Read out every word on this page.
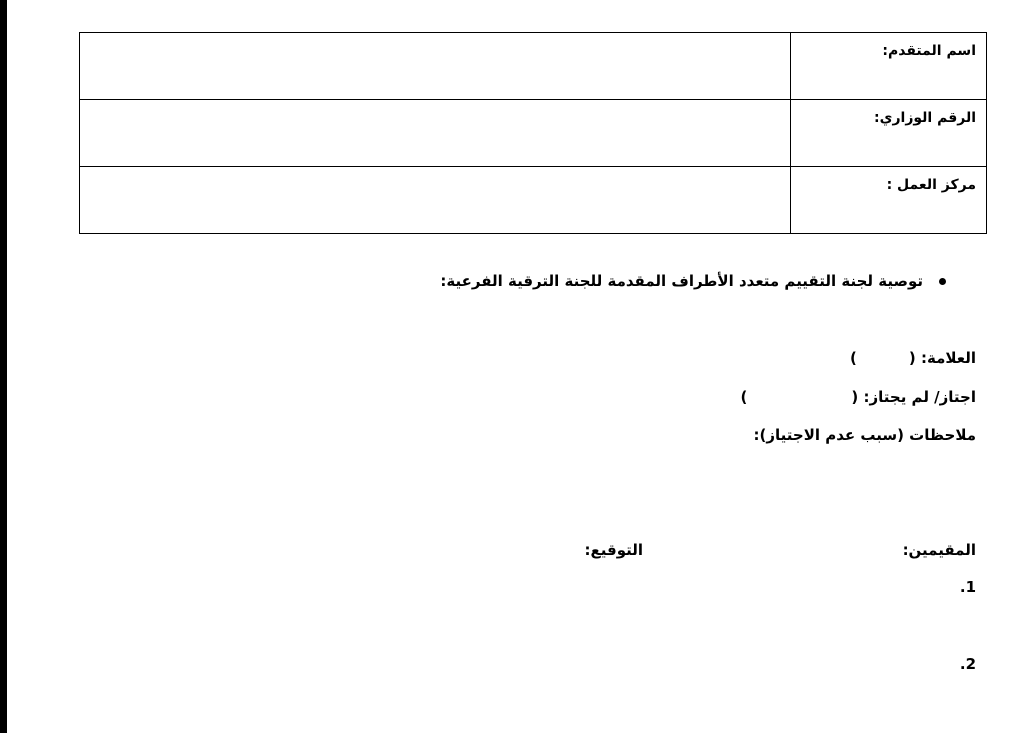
اسم المتقدم:	
الرقم الوزاري:	
مركز العمل :	
توصية لجنة التقييم متعدد الأطراف المقدمة للجنة الترقية الفرعية:
العلامة: ()
اجتاز/ لم يجتاز: ()
ملاحظات (سبب عدم الاجتياز):
المقيمين:
التوقيع:
1.
2.
